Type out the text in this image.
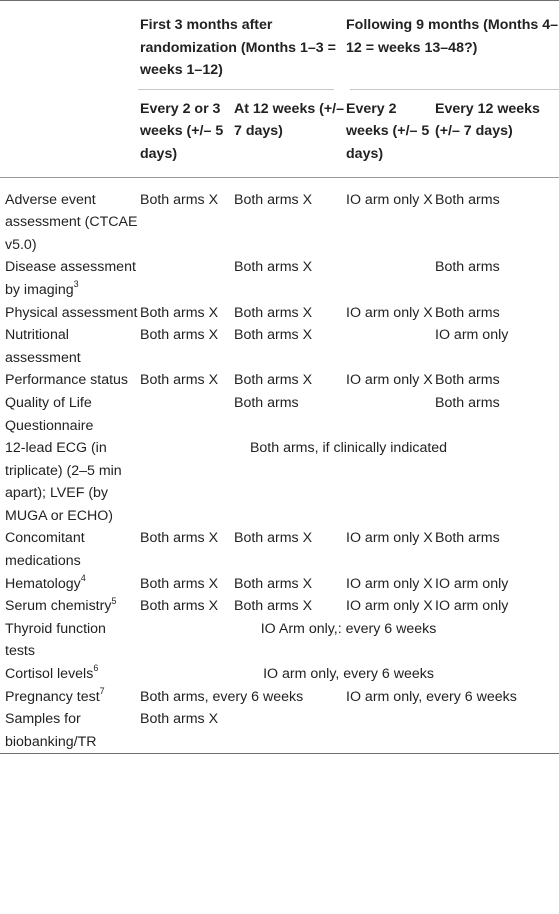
	First 3 months after randomization (Months 1–3 = weeks 1–12)		Following 9 months (Months 4–12 = weeks 13–48?)	
	Every 2 or 3 weeks (+/– 5 days)	At 12 weeks (+/– 7 days)	Every 2 weeks (+/– 5 days)	Every 12 weeks (+/– 7 days)
Adverse event assessment (CTCAE v5.0)	Both arms X	Both arms X	IO arm only X	Both arms
Disease assessment by imaging$^3$		Both arms X		Both arms
Physical assessment	Both arms X	Both arms X	IO arm only X	Both arms
Nutritional assessment	Both arms X	Both arms X		IO arm only
Performance status	Both arms X	Both arms X	IO arm only X	Both arms
Quality of Life Questionnaire		Both arms		Both arms
12-lead ECG (in triplicate) (2–5 min apart); LVEF (by MUGA or ECHO)	Both arms, if clinically indicated			
Concomitant medications	Both arms X	Both arms X	IO arm only X	Both arms
Hematology$^4$	Both arms X	Both arms X	IO arm only X	IO arm only
Serum chemistry$^5$	Both arms X	Both arms X	IO arm only X	IO arm only
Thyroid function tests	IO Arm only,: every 6 weeks			
Cortisol levels$^6$	IO arm only, every 6 weeks			
Pregnancy test$^7$	Both arms, every 6 weeks		IO arm only, every 6 weeks	
Samples for biobanking/TR	Both arms X			
